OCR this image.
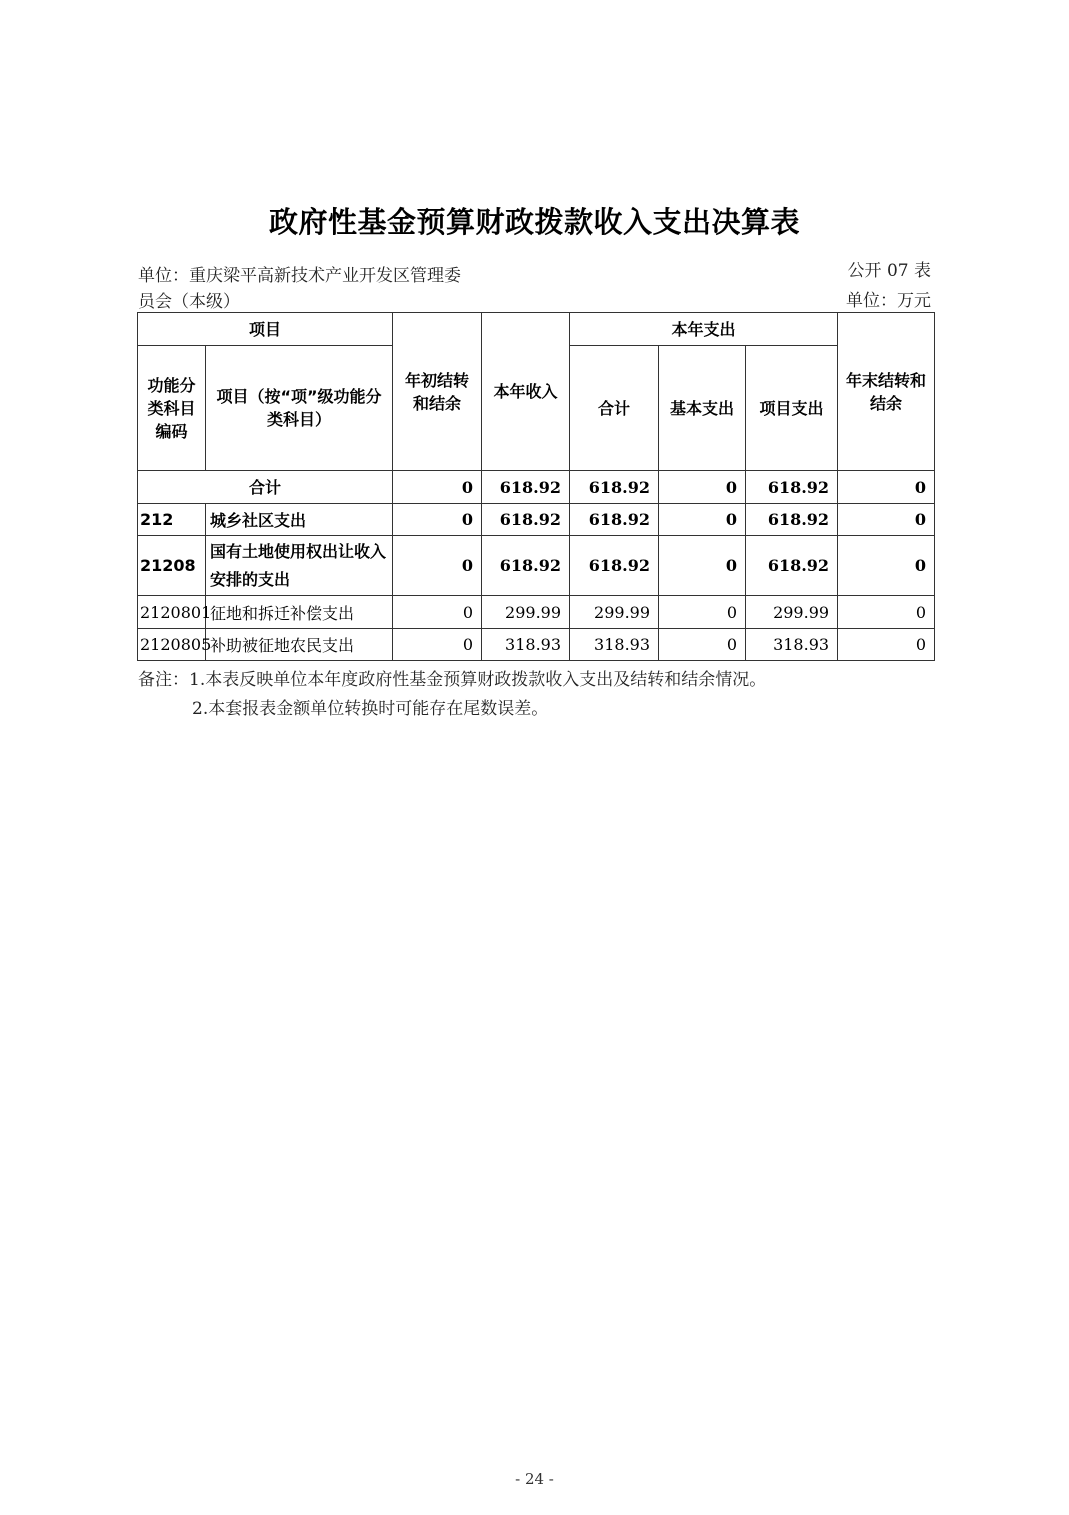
政府性基金预算财政拨款收入支出决算表
单位：重庆梁平高新技术产业开发区管理委
员会（本级）
公开 07 表
单位：万元
项目		年初结转和结余	本年收入	本年支出			年末结转和结余

功能分类科目编码	项目（按“项”级功能分类科目）			合计	基本支出	项目支出	
合计		0	618.92	618.92	0	618.92	0
212	城乡社区支出	0	618.92	618.92	0	618.92	0
21208	国有土地使用权出让收入安排的支出	0	618.92	618.92	0	618.92	0
2120801	征地和拆迁补偿支出	0	299.99	299.99	0	299.99	0
2120805	补助被征地农民支出	0	318.93	318.93	0	318.93	0
备注：1.本表反映单位本年度政府性基金预算财政拨款收入支出及结转和结余情况。
2.本套报表金额单位转换时可能存在尾数误差。
- 24 -
